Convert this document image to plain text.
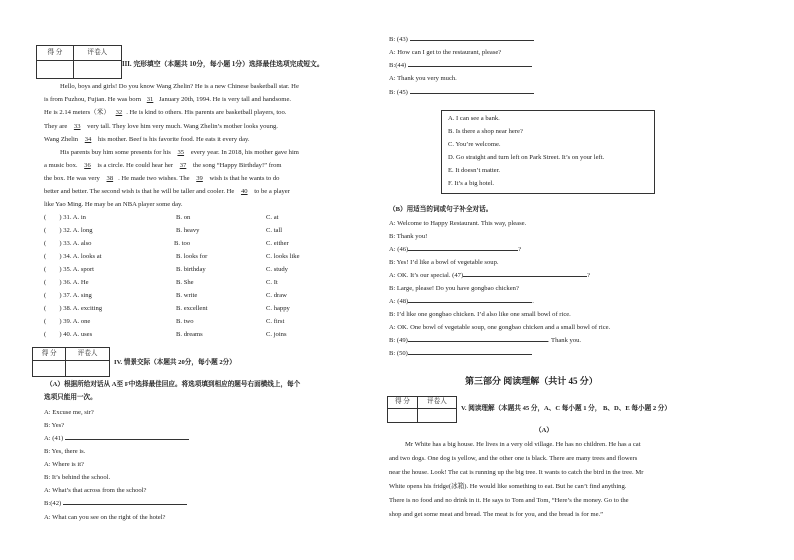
得 分	评卷人

III. 完形填空（本题共 10分，每小题 1分）选择最佳选项完成短文。
Hello, boys and girls! Do you know Wang Zhelin? He is a new Chinese basketball star. He
is from Fuzhou, Fujian. He was born 31 January 20th, 1994. He is very tall and handsome.
He is 2.14 meters（米） 32 . He is kind to others. His parents are basketball players, too.
They are 33 very tall. They love him very much. Wang Zhelin’s mother looks young.
Wang Zhelin 34 his mother. Beef is his favorite food. He eats it every day.
His parents buy him some presents for his 35 every year. In 2018, his mother gave him
a music box. 36 is a circle. He could hear her 37 the song “Happy Birthday!” from
the box. He was very 38 . He made two wishes. The 39 wish is that he wants to do
better and better. The second wish is that he will be taller and cooler. He 40 to be a player
like Yao Ming. He may be an NBA player some day.
(　　) 31. A. in	B. on	C. at
(　　) 32. A. long	B. heavy	C. tall
(　　) 33. A. also	B. too	C. either
(　　) 34. A. looks at	B. looks for	C. looks like
(　　) 35. A. sport	B. birthday	C. study
(　　) 36. A. He	B. She	C. It
(　　) 37. A. sing	B. write	C. draw
(　　) 38. A. exciting	B. excellent	C. happy
(　　) 39. A. one	B. two	C. first
(　　) 40. A. uses	B. dreams	C. joins
得 分	评卷人

IV. 情景交际（本题共 20分，每小题 2分）
（A）根据所给对话从 A至 F中选择最佳回应。将选项填到相应的题号右面横线上，每个
选项只能用一次。
A: Excuse me, sir?
B: Yes?
A: (41)
B: Yes, there is.
A: Where is it?
B: It’s behind the school.
A: What’s that across from the school?
B:(42)
A: What can you see on the right of the hotel?
B: (43)
A: How can I get to the restaurant, please?
B:(44)
A: Thank you very much.
B: (45)
A. I can see a bank.
B. Is there a shop near here?
C. You’re welcome.
D. Go straight and turn left on Park Street. It’s on your left.
E. It doesn’t matter.
F. It’s a big hotel.
（B）用适当的词或句子补全对话。
A: Welcome to Happy Restaurant. This way, please.
B: Thank you!
A: (46)	?
B: Yes! I’d like a bowl of vegetable soup.
A: OK. It’s our special. (47)	?
B: Large, please! Do you have gongbao chicken?
A: (48)	.
B: I’d like one gongbao chicken. I’d also like one small bowl of rice.
A: OK. One bowl of vegetable soup, one gongbao chicken and a small bowl of rice.
B: (49)	. Thank you.
B: (50)
第三部分 阅读理解（共计 45 分）
得 分	评卷人

V. 阅读理解（本题共 45 分，A、C 每小题 1 分， B、D、E 每小题 2 分）
（A）
Mr White has a big house. He lives in a very old village. He has no children. He has a cat
and two dogs. One dog is yellow, and the other one is black. There are many trees and flowers
near the house. Look! The cat is running up the big tree. It wants to catch the bird in the tree. Mr
White opens his fridge(冰箱). He would like something to eat. But he can’t find anything.
There is no food and no drink in it. He says to Tom and Tom, “Here’s the money. Go to the
shop and get some meat and bread. The meat is for you, and the bread is for me.”
